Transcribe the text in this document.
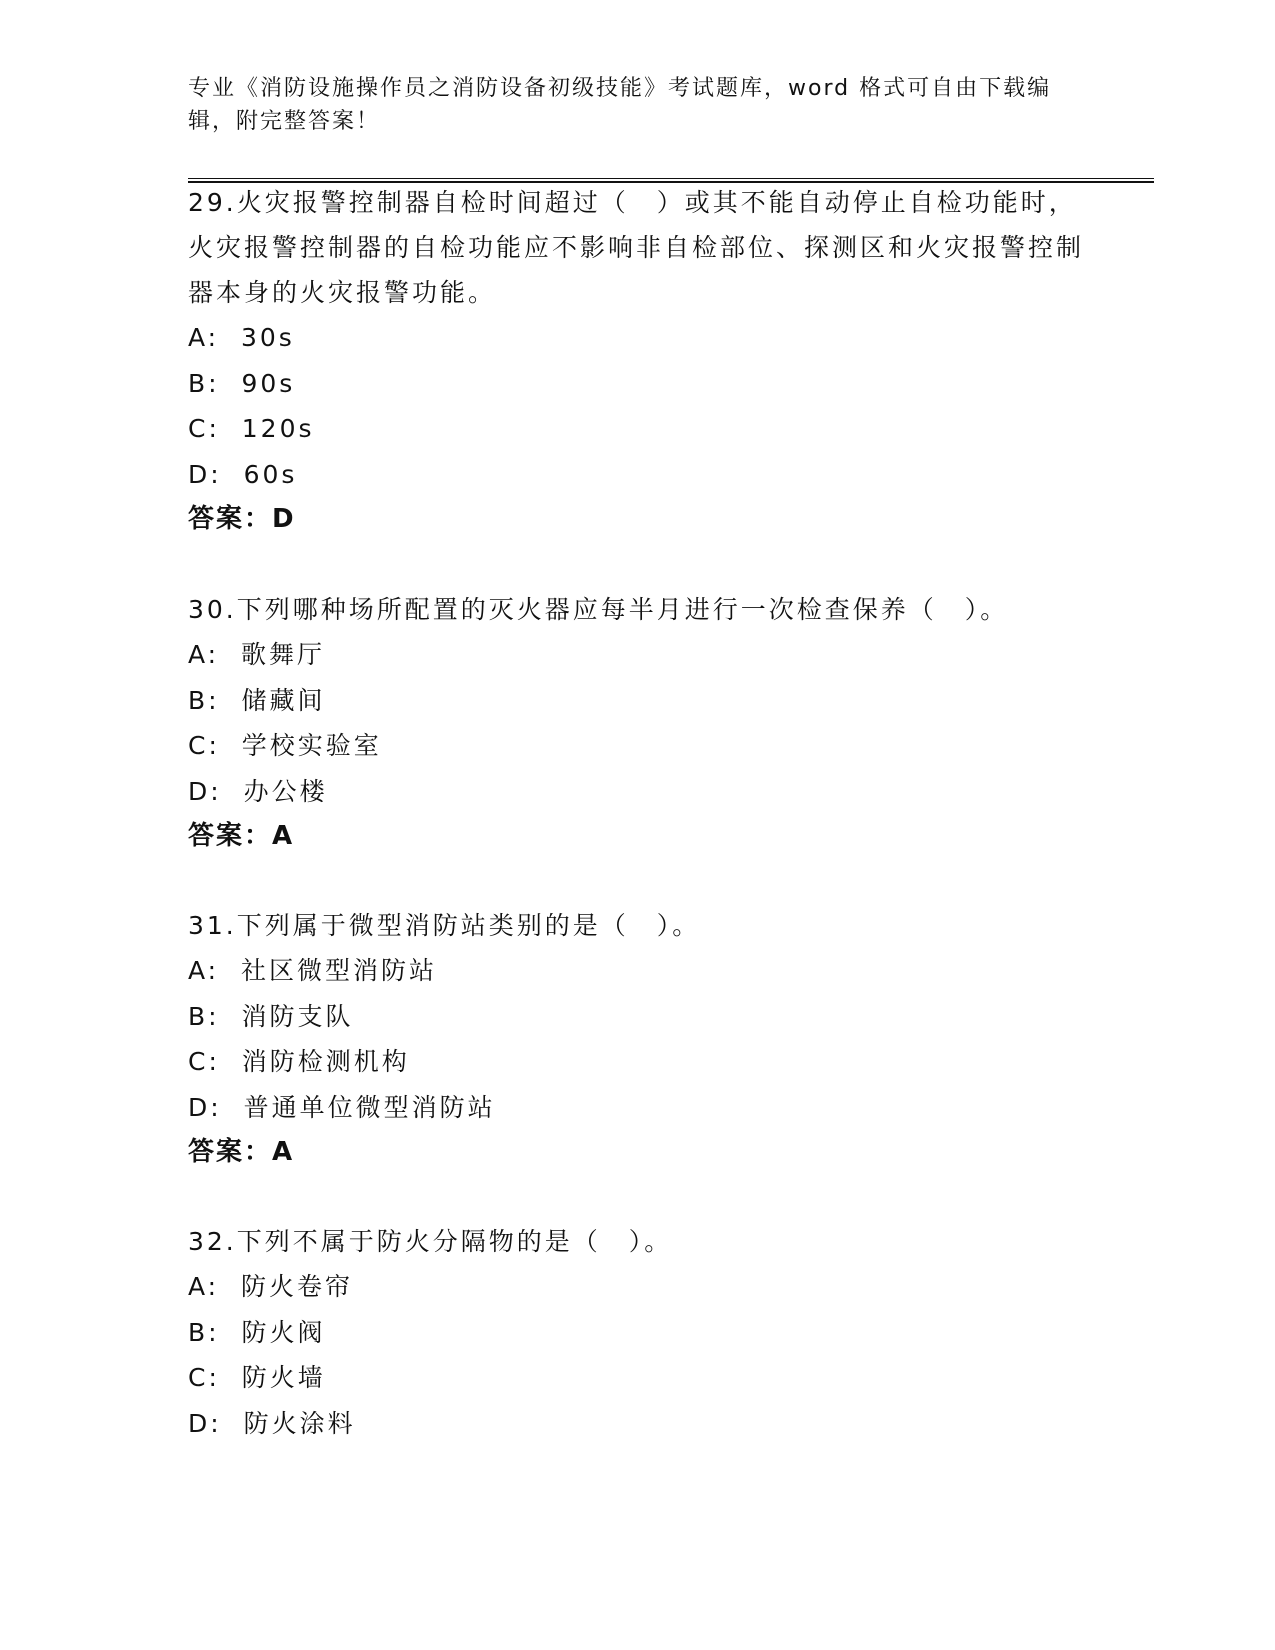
专业《消防设施操作员之消防设备初级技能》考试题库，word 格式可自由下载编辑，附完整答案！
29.火灾报警控制器自检时间超过（　）或其不能自动停止自检功能时，火灾报警控制器的自检功能应不影响非自检部位、探测区和火灾报警控制器本身的火灾报警功能。
A:  30s
B:  90s
C:  120s
D:  60s
答案：D
30.下列哪种场所配置的灭火器应每半月进行一次检查保养（　）。
A:  歌舞厅
B:  储藏间
C:  学校实验室
D:  办公楼
答案：A
31.下列属于微型消防站类别的是（　）。
A:  社区微型消防站
B:  消防支队
C:  消防检测机构
D:  普通单位微型消防站
答案：A
32.下列不属于防火分隔物的是（　）。
A:  防火卷帘
B:  防火阀
C:  防火墙
D:  防火涂料
